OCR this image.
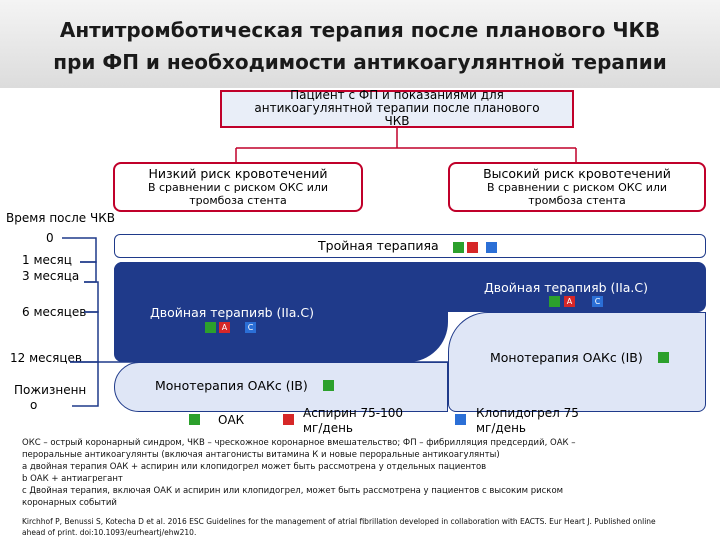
Антитромботическая терапия после планового ЧКВ
при ФП и необходимости антикоагулянтной терапии
Пациент с ФП и показаниями для
антикоагулянтной терапии после планового
ЧКВ
Низкий риск кровотечений
В сравнении с риском ОКС или
тромбоза стента
Высокий риск кровотечений
В сравнении с риском ОКС или
тромбоза стента
Время после ЧКВ
0
1 месяц
3 месяца
6 месяцев
12 месяцев
Пожизненн
о
Тройная терапияa
Двойная терапияb (IIa.C)
A	C
Двойная терапияb (IIa.C)
A	C
Монотерапия ОАКc (IB)
Монотерапия ОАКc (IB)
ОАК	Аспирин 75-100
мг/день
Клопидогрел 75
мг/день
ОКС – острый коронарный синдром, ЧКВ – чрескожное коронарное вмешательство; ФП – фибрилляция предсердий, ОАК –
пероральные антикоагулянты (включая антагонисты витамина К и новые пероральные антикоагулянты)
a двойная терапия ОАК + аспирин или клопидогрел может быть рассмотрена у отдельных пациентов
b ОАК + антиагрегант
c Двойная терапия, включая ОАК и аспирин или клопидогрел, может быть рассмотрена у пациентов с высоким риском
коронарных событий
Kirchhof P, Benussi S, Kotecha D et al. 2016 ESC Guidelines for the management of atrial fibrillation developed in collaboration with EACTS. Eur Heart J. Published online
ahead of print. doi:10.1093/eurheartj/ehw210.
